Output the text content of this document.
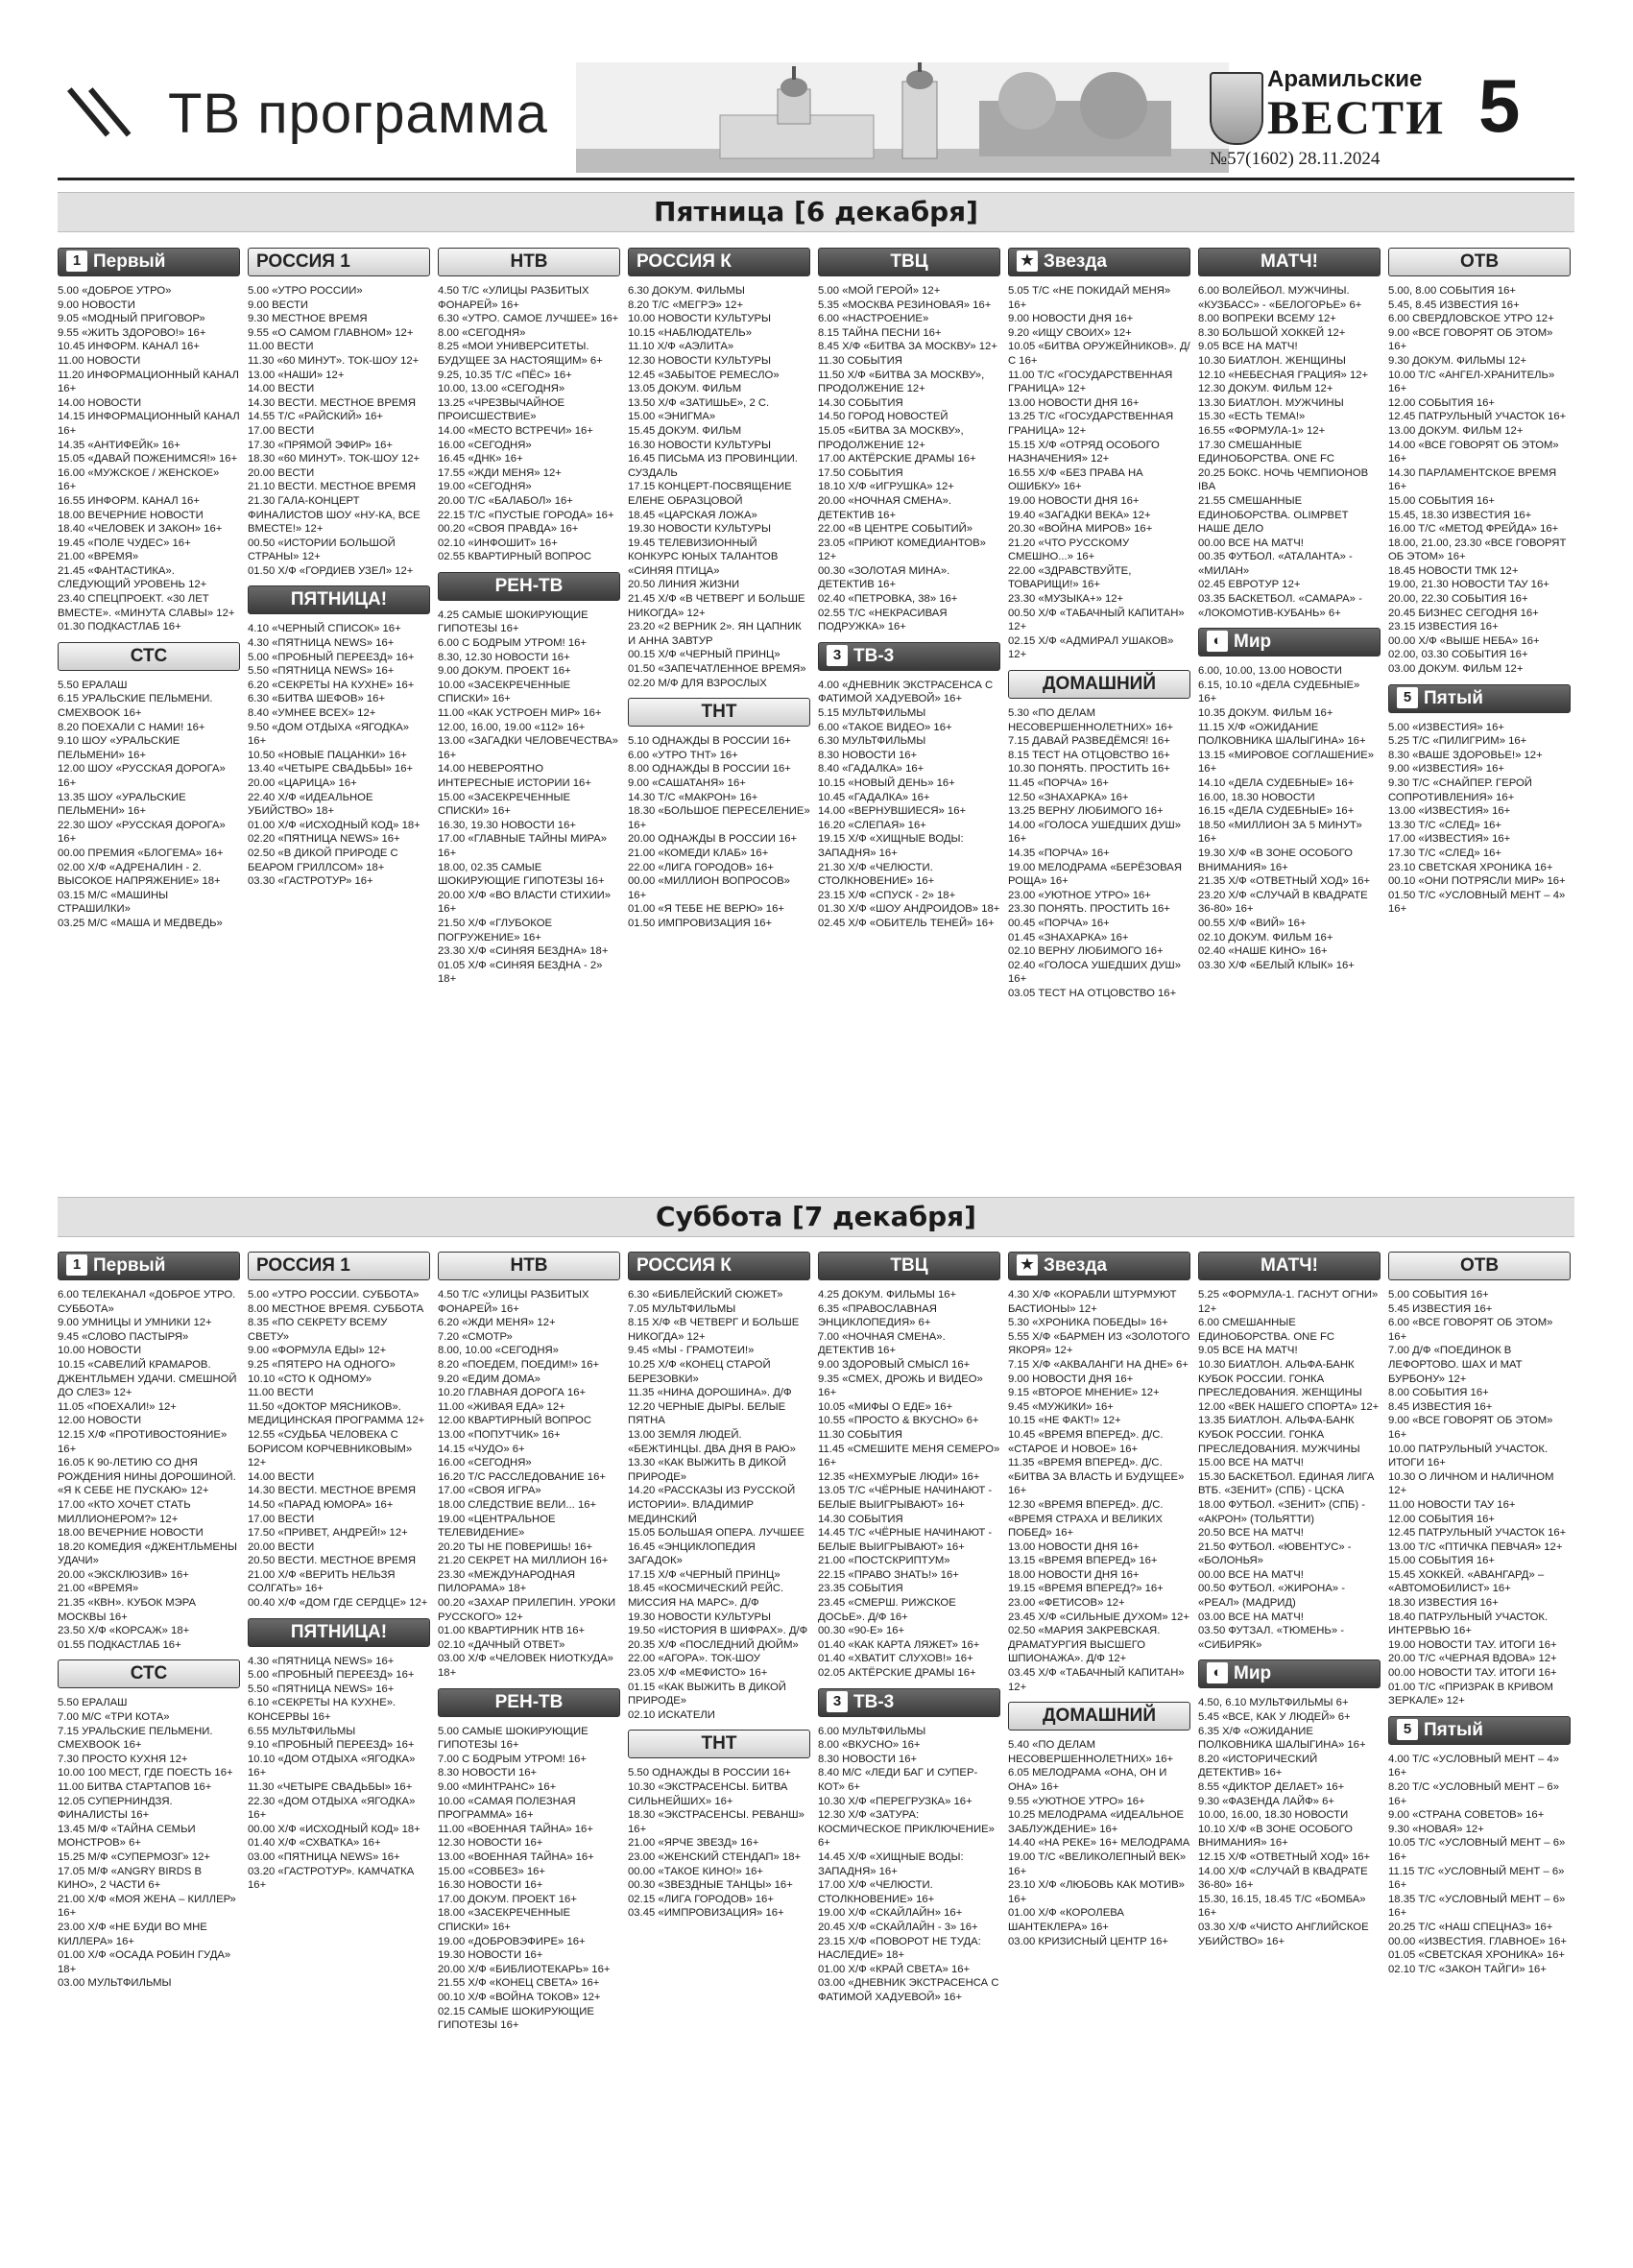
ТВ программа
Арамильские
ВЕСТИ
№57(1602) 28.11.2024
5
Пятница [6 декабря]
1 Первый
5.00 «ДОБРОЕ УТРО»
9.00 НОВОСТИ
9.05 «МОДНЫЙ ПРИГОВОР»
9.55 «ЖИТЬ ЗДОРОВО!» 16+
10.45 ИНФОРМ. КАНАЛ 16+
11.00 НОВОСТИ
11.20 ИНФОРМАЦИОННЫЙ КАНАЛ 16+
14.00 НОВОСТИ
14.15 ИНФОРМАЦИОННЫЙ КАНАЛ 16+
14.35 «АНТИФЕЙК» 16+
15.05 «ДАВАЙ ПОЖЕНИМСЯ!» 16+
16.00 «МУЖСКОЕ / ЖЕНСКОЕ» 16+
16.55 ИНФОРМ. КАНАЛ 16+
18.00 ВЕЧЕРНИЕ НОВОСТИ
18.40 «ЧЕЛОВЕК И ЗАКОН» 16+
19.45 «ПОЛЕ ЧУДЕС» 16+
21.00 «ВРЕМЯ»
21.45 «ФАНТАСТИКА». СЛЕДУЮЩИЙ УРОВЕНЬ 12+
23.40 СПЕЦПРОЕКТ. «30 ЛЕТ ВМЕСТЕ». «МИНУТА СЛАВЫ» 12+
01.30 ПОДКАСТЛАБ 16+
СТС
5.50 ЕРАЛАШ
6.15 УРАЛЬСКИЕ ПЕЛЬМЕНИ. СМЕХBOOK 16+
8.20 ПОЕХАЛИ С НАМИ! 16+
9.10 ШОУ «УРАЛЬСКИЕ ПЕЛЬМЕНИ» 16+
12.00 ШОУ «РУССКАЯ ДОРОГА» 16+
13.35 ШОУ «УРАЛЬСКИЕ ПЕЛЬМЕНИ» 16+
22.30 ШОУ «РУССКАЯ ДОРОГА» 16+
00.00 ПРЕМИЯ «БЛОГЕМА» 16+
02.00 Х/Ф «АДРЕНАЛИН - 2. ВЫСОКОЕ НАПРЯЖЕНИЕ» 18+
03.15 М/С «МАШИНЫ СТРАШИЛКИ»
03.25 М/С «МАША И МЕДВЕДЬ»
РОССИЯ 1
5.00 «УТРО РОССИИ»
9.00 ВЕСТИ
9.30 МЕСТНОЕ ВРЕМЯ
9.55 «О САМОМ ГЛАВНОМ» 12+
11.00 ВЕСТИ
11.30 «60 МИНУТ». ТОК-ШОУ 12+
13.00 «НАШИ» 12+
14.00 ВЕСТИ
14.30 ВЕСТИ. МЕСТНОЕ ВРЕМЯ
14.55 Т/С «РАЙСКИЙ» 16+
17.00 ВЕСТИ
17.30 «ПРЯМОЙ ЭФИР» 16+
18.30 «60 МИНУТ». ТОК-ШОУ 12+
20.00 ВЕСТИ
21.10 ВЕСТИ. МЕСТНОЕ ВРЕМЯ
21.30 ГАЛА-КОНЦЕРТ ФИНАЛИСТОВ ШОУ «НУ-КА, ВСЕ ВМЕСТЕ!» 12+
00.50 «ИСТОРИИ БОЛЬШОЙ СТРАНЫ» 12+
01.50 Х/Ф «ГОРДИЕВ УЗЕЛ» 12+
ПЯТНИЦА!
4.10 «ЧЕРНЫЙ СПИСОК» 16+
4.30 «ПЯТНИЦА NEWS» 16+
5.00 «ПРОБНЫЙ ПЕРЕЕЗД» 16+
5.50 «ПЯТНИЦА NEWS» 16+
6.20 «СЕКРЕТЫ НА КУХНЕ» 16+
6.30 «БИТВА ШЕФОВ» 16+
8.40 «УМНЕЕ ВСЕХ» 12+
9.50 «ДОМ ОТДЫХА «ЯГОДКА» 16+
10.50 «НОВЫЕ ПАЦАНКИ» 16+
13.40 «ЧЕТЫРЕ СВАДЬБЫ» 16+
20.00 «ЦАРИЦА» 16+
22.40 Х/Ф «ИДЕАЛЬНОЕ УБИЙСТВО» 18+
01.00 Х/Ф «ИСХОДНЫЙ КОД» 18+
02.20 «ПЯТНИЦА NEWS» 16+
02.50 «В ДИКОЙ ПРИРОДЕ С БЕАРОМ ГРИЛЛСОМ» 18+
03.30 «ГАСТРОТУР» 16+
НТВ
4.50 Т/С «УЛИЦЫ РАЗБИТЫХ ФОНАРЕЙ» 16+
6.30 «УТРО. САМОЕ ЛУЧШЕЕ» 16+
8.00 «СЕГОДНЯ»
8.25 «МОИ УНИВЕРСИТЕТЫ. БУДУЩЕЕ ЗА НАСТОЯЩИМ» 6+
9.25, 10.35 Т/С «ПЁС» 16+
10.00, 13.00 «СЕГОДНЯ»
13.25 «ЧРЕЗВЫЧАЙНОЕ ПРОИСШЕСТВИЕ»
14.00 «МЕСТО ВСТРЕЧИ» 16+
16.00 «СЕГОДНЯ»
16.45 «ДНК» 16+
17.55 «ЖДИ МЕНЯ» 12+
19.00 «СЕГОДНЯ»
20.00 Т/С «БАЛАБОЛ» 16+
22.15 Т/С «ПУСТЫЕ ГОРОДА» 16+
00.20 «СВОЯ ПРАВДА» 16+
02.10 «ИНФОШИТ» 16+
02.55 КВАРТИРНЫЙ ВОПРОС
РЕН-ТВ
4.25 САМЫЕ ШОКИРУЮЩИЕ ГИПОТЕЗЫ 16+
6.00 С БОДРЫМ УТРОМ! 16+
8.30, 12.30 НОВОСТИ 16+
9.00 ДОКУМ. ПРОЕКТ 16+
10.00 «ЗАСЕКРЕЧЕННЫЕ СПИСКИ» 16+
11.00 «КАК УСТРОЕН МИР» 16+
12.00, 16.00, 19.00 «112» 16+
13.00 «ЗАГАДКИ ЧЕЛОВЕЧЕСТВА» 16+
14.00 НЕВЕРОЯТНО ИНТЕРЕСНЫЕ ИСТОРИИ 16+
15.00 «ЗАСЕКРЕЧЕННЫЕ СПИСКИ» 16+
16.30, 19.30 НОВОСТИ 16+
17.00 «ГЛАВНЫЕ ТАЙНЫ МИРА» 16+
18.00, 02.35 САМЫЕ ШОКИРУЮЩИЕ ГИПОТЕЗЫ 16+
20.00 Х/Ф «ВО ВЛАСТИ СТИХИИ» 16+
21.50 Х/Ф «ГЛУБОКОЕ ПОГРУЖЕНИЕ» 16+
23.30 Х/Ф «СИНЯЯ БЕЗДНА» 18+
01.05 Х/Ф «СИНЯЯ БЕЗДНА - 2» 18+
РОССИЯ К
6.30 ДОКУМ. ФИЛЬМЫ
8.20 Т/С «МЕГРЭ» 12+
10.00 НОВОСТИ КУЛЬТУРЫ
10.15 «НАБЛЮДАТЕЛЬ»
11.10 Х/Ф «АЭЛИТА»
12.30 НОВОСТИ КУЛЬТУРЫ
12.45 «ЗАБЫТОЕ РЕМЕСЛО»
13.05 ДОКУМ. ФИЛЬМ
13.50 Х/Ф «ЗАТИШЬЕ», 2 С.
15.00 «ЭНИГМА»
15.45 ДОКУМ. ФИЛЬМ
16.30 НОВОСТИ КУЛЬТУРЫ
16.45 ПИСЬМА ИЗ ПРОВИНЦИИ. СУЗДАЛЬ
17.15 КОНЦЕРТ-ПОСВЯЩЕНИЕ ЕЛЕНЕ ОБРАЗЦОВОЙ
18.45 «ЦАРСКАЯ ЛОЖА»
19.30 НОВОСТИ КУЛЬТУРЫ
19.45 ТЕЛЕВИЗИОННЫЙ КОНКУРС ЮНЫХ ТАЛАНТОВ «СИНЯЯ ПТИЦА»
20.50 ЛИНИЯ ЖИЗНИ
21.45 Х/Ф «В ЧЕТВЕРГ И БОЛЬШЕ НИКОГДА» 12+
23.20 «2 ВЕРНИК 2». ЯН ЦАПНИК И АННА ЗАВТУР
00.15 Х/Ф «ЧЕРНЫЙ ПРИНЦ»
01.50 «ЗАПЕЧАТЛЕННОЕ ВРЕМЯ»
02.20 М/Ф ДЛЯ ВЗРОСЛЫХ
ТНТ
5.10 ОДНАЖДЫ В РОССИИ 16+
6.00 «УТРО ТНТ» 16+
8.00 ОДНАЖДЫ В РОССИИ 16+
9.00 «САШАТАНЯ» 16+
14.30 Т/С «МАКРОН» 16+
18.30 «БОЛЬШОЕ ПЕРЕСЕЛЕНИЕ» 16+
20.00 ОДНАЖДЫ В РОССИИ 16+
21.00 «КОМЕДИ КЛАБ» 16+
22.00 «ЛИГА ГОРОДОВ» 16+
00.00 «МИЛЛИОН ВОПРОСОВ» 16+
01.00 «Я ТЕБЕ НЕ ВЕРЮ» 16+
01.50 ИМПРОВИЗАЦИЯ 16+
ТВЦ
5.00 «МОЙ ГЕРОЙ» 12+
5.35 «МОСКВА РЕЗИНОВАЯ» 16+
6.00 «НАСТРОЕНИЕ»
8.15 ТАЙНА ПЕСНИ 16+
8.45 Х/Ф «БИТВА ЗА МОСКВУ» 12+
11.30 СОБЫТИЯ
11.50 Х/Ф «БИТВА ЗА МОСКВУ», ПРОДОЛЖЕНИЕ 12+
14.30 СОБЫТИЯ
14.50 ГОРОД НОВОСТЕЙ
15.05 «БИТВА ЗА МОСКВУ», ПРОДОЛЖЕНИЕ 12+
17.00 АКТЁРСКИЕ ДРАМЫ 16+
17.50 СОБЫТИЯ
18.10 Х/Ф «ИГРУШКА» 12+
20.00 «НОЧНАЯ СМЕНА». ДЕТЕКТИВ 16+
22.00 «В ЦЕНТРЕ СОБЫТИЙ»
23.05 «ПРИЮТ КОМЕДИАНТОВ» 12+
00.30 «ЗОЛОТАЯ МИНА». ДЕТЕКТИВ 16+
02.40 «ПЕТРОВКА, 38» 16+
02.55 Т/С «НЕКРАСИВАЯ ПОДРУЖКА» 16+
3 ТВ-3
4.00 «ДНЕВНИК ЭКСТРАСЕНСА С ФАТИМОЙ ХАДУЕВОЙ» 16+
5.15 МУЛЬТФИЛЬМЫ
6.00 «ТАКОЕ ВИДЕО» 16+
6.30 МУЛЬТФИЛЬМЫ
8.30 НОВОСТИ 16+
8.40 «ГАДАЛКА» 16+
10.15 «НОВЫЙ ДЕНЬ» 16+
10.45 «ГАДАЛКА» 16+
14.00 «ВЕРНУВШИЕСЯ» 16+
16.20 «СЛЕПАЯ» 16+
19.15 Х/Ф «ХИЩНЫЕ ВОДЫ: ЗАПАДНЯ» 16+
21.30 Х/Ф «ЧЕЛЮСТИ. СТОЛКНОВЕНИЕ» 16+
23.15 Х/Ф «СПУСК - 2» 18+
01.30 Х/Ф «ШОУ АНДРОИДОВ» 18+
02.45 Х/Ф «ОБИТЕЛЬ ТЕНЕЙ» 16+
★ Звезда
5.05 Т/С «НЕ ПОКИДАЙ МЕНЯ» 16+
9.00 НОВОСТИ ДНЯ 16+
9.20 «ИЩУ СВОИХ» 12+
10.05 «БИТВА ОРУЖЕЙНИКОВ». Д/С 16+
11.00 Т/С «ГОСУДАРСТВЕННАЯ ГРАНИЦА» 12+
13.00 НОВОСТИ ДНЯ 16+
13.25 Т/С «ГОСУДАРСТВЕННАЯ ГРАНИЦА» 12+
15.15 Х/Ф «ОТРЯД ОСОБОГО НАЗНАЧЕНИЯ» 12+
16.55 Х/Ф «БЕЗ ПРАВА НА ОШИБКУ» 16+
19.00 НОВОСТИ ДНЯ 16+
19.40 «ЗАГАДКИ ВЕКА» 12+
20.30 «ВОЙНА МИРОВ» 16+
21.20 «ЧТО РУССКОМУ СМЕШНО...» 16+
22.00 «ЗДРАВСТВУЙТЕ, ТОВАРИЩИ!» 16+
23.30 «МУЗЫКА+» 12+
00.50 Х/Ф «ТАБАЧНЫЙ КАПИТАН» 12+
02.15 Х/Ф «АДМИРАЛ УШАКОВ» 12+
ДОМАШНИЙ
5.30 «ПО ДЕЛАМ НЕСОВЕРШЕННОЛЕТНИХ» 16+
7.15 ДАВАЙ РАЗВЕДЁМСЯ! 16+
8.15 ТЕСТ НА ОТЦОВСТВО 16+
10.30 ПОНЯТЬ. ПРОСТИТЬ 16+
11.45 «ПОРЧА» 16+
12.50 «ЗНАХАРКА» 16+
13.25 ВЕРНУ ЛЮБИМОГО 16+
14.00 «ГОЛОСА УШЕДШИХ ДУШ» 16+
14.35 «ПОРЧА» 16+
19.00 МЕЛОДРАМА «БЕРЁЗОВАЯ РОЩА» 16+
23.00 «УЮТНОЕ УТРО» 16+
23.30 ПОНЯТЬ. ПРОСТИТЬ 16+
00.45 «ПОРЧА» 16+
01.45 «ЗНАХАРКА» 16+
02.10 ВЕРНУ ЛЮБИМОГО 16+
02.40 «ГОЛОСА УШЕДШИХ ДУШ» 16+
03.05 ТЕСТ НА ОТЦОВСТВО 16+
МАТЧ!
6.00 ВОЛЕЙБОЛ. МУЖЧИНЫ. «КУЗБАСС» - «БЕЛОГОРЬЕ» 6+
8.00 ВОПРЕКИ ВСЕМУ 12+
8.30 БОЛЬШОЙ ХОККЕЙ 12+
9.05 ВСЕ НА МАТЧ!
10.30 БИАТЛОН. ЖЕНЩИНЫ
12.10 «НЕБЕСНАЯ ГРАЦИЯ» 12+
12.30 ДОКУМ. ФИЛЬМ 12+
13.30 БИАТЛОН. МУЖЧИНЫ
15.30 «ЕСТЬ ТЕМА!»
16.55 «ФОРМУЛА-1» 12+
17.30 СМЕШАННЫЕ ЕДИНОБОРСТВА. ONE FC
20.25 БОКС. НОЧЬ ЧЕМПИОНОВ IBA
21.55 СМЕШАННЫЕ ЕДИНОБОРСТВА. OLIMPBET НАШЕ ДЕЛО
00.00 ВСЕ НА МАТЧ!
00.35 ФУТБОЛ. «АТАЛАНТА» - «МИЛАН»
02.45 ЕВРОТУР 12+
03.35 БАСКЕТБОЛ. «САМАРА» - «ЛОКОМОТИВ-КУБАНЬ» 6+
◐ Мир
6.00, 10.00, 13.00 НОВОСТИ
6.15, 10.10 «ДЕЛА СУДЕБНЫЕ» 16+
10.35 ДОКУМ. ФИЛЬМ 16+
11.15 Х/Ф «ОЖИДАНИЕ ПОЛКОВНИКА ШАЛЫГИНА» 16+
13.15 «МИРОВОЕ СОГЛАШЕНИЕ» 16+
14.10 «ДЕЛА СУДЕБНЫЕ» 16+
16.00, 18.30 НОВОСТИ
16.15 «ДЕЛА СУДЕБНЫЕ» 16+
18.50 «МИЛЛИОН ЗА 5 МИНУТ» 16+
19.30 Х/Ф «В ЗОНЕ ОСОБОГО ВНИМАНИЯ» 16+
21.35 Х/Ф «ОТВЕТНЫЙ ХОД» 16+
23.20 Х/Ф «СЛУЧАЙ В КВАДРАТЕ 36-80» 16+
00.55 Х/Ф «ВИЙ» 16+
02.10 ДОКУМ. ФИЛЬМ 16+
02.40 «НАШЕ КИНО» 16+
03.30 Х/Ф «БЕЛЫЙ КЛЫК» 16+
ОТВ
5.00, 8.00 СОБЫТИЯ 16+
5.45, 8.45 ИЗВЕСТИЯ 16+
6.00 СВЕРДЛОВСКОЕ УТРО 12+
9.00 «ВСЕ ГОВОРЯТ ОБ ЭТОМ» 16+
9.30 ДОКУМ. ФИЛЬМЫ 12+
10.00 Т/С «АНГЕЛ-ХРАНИТЕЛЬ» 16+
12.00 СОБЫТИЯ 16+
12.45 ПАТРУЛЬНЫЙ УЧАСТОК 16+
13.00 ДОКУМ. ФИЛЬМ 12+
14.00 «ВСЕ ГОВОРЯТ ОБ ЭТОМ» 16+
14.30 ПАРЛАМЕНТСКОЕ ВРЕМЯ 16+
15.00 СОБЫТИЯ 16+
15.45, 18.30 ИЗВЕСТИЯ 16+
16.00 Т/С «МЕТОД ФРЕЙДА» 16+
18.00, 21.00, 23.30 «ВСЕ ГОВОРЯТ ОБ ЭТОМ» 16+
18.45 НОВОСТИ ТМК 12+
19.00, 21.30 НОВОСТИ ТАУ 16+
20.00, 22.30 СОБЫТИЯ 16+
20.45 БИЗНЕС СЕГОДНЯ 16+
23.15 ИЗВЕСТИЯ 16+
00.00 Х/Ф «ВЫШЕ НЕБА» 16+
02.00, 03.30 СОБЫТИЯ 16+
03.00 ДОКУМ. ФИЛЬМ 12+
5 Пятый
5.00 «ИЗВЕСТИЯ» 16+
5.25 Т/С «ПИЛИГРИМ» 16+
8.30 «ВАШЕ ЗДОРОВЬЕ!» 12+
9.00 «ИЗВЕСТИЯ» 16+
9.30 Т/С «СНАЙПЕР. ГЕРОЙ СОПРОТИВЛЕНИЯ» 16+
13.00 «ИЗВЕСТИЯ» 16+
13.30 Т/С «СЛЕД» 16+
17.00 «ИЗВЕСТИЯ» 16+
17.30 Т/С «СЛЕД» 16+
23.10 СВЕТСКАЯ ХРОНИКА 16+
00.10 «ОНИ ПОТРЯСЛИ МИР» 16+
01.50 Т/С «УСЛОВНЫЙ МЕНТ – 4» 16+
Суббота [7 декабря]
1 Первый
6.00 ТЕЛЕКАНАЛ «ДОБРОЕ УТРО. СУББОТА»
9.00 УМНИЦЫ И УМНИКИ 12+
9.45 «СЛОВО ПАСТЫРЯ»
10.00 НОВОСТИ
10.15 «САВЕЛИЙ КРАМАРОВ. ДЖЕНТЛЬМЕН УДАЧИ. СМЕШНОЙ ДО СЛЕЗ» 12+
11.05 «ПОЕХАЛИ!» 12+
12.00 НОВОСТИ
12.15 Х/Ф «ПРОТИВОСТОЯНИЕ» 16+
16.05 К 90-ЛЕТИЮ СО ДНЯ РОЖДЕНИЯ НИНЫ ДОРОШИНОЙ. «Я К СЕБЕ НЕ ПУСКАЮ» 12+
17.00 «КТО ХОЧЕТ СТАТЬ МИЛЛИОНЕРОМ?» 12+
18.00 ВЕЧЕРНИЕ НОВОСТИ
18.20 КОМЕДИЯ «ДЖЕНТЛЬМЕНЫ УДАЧИ»
20.00 «ЭКСКЛЮЗИВ» 16+
21.00 «ВРЕМЯ»
21.35 «КВН». КУБОК МЭРА МОСКВЫ 16+
23.50 Х/Ф «КОРСАЖ» 18+
01.55 ПОДКАСТЛАБ 16+
СТС
5.50 ЕРАЛАШ
7.00 М/С «ТРИ КОТА»
7.15 УРАЛЬСКИЕ ПЕЛЬМЕНИ. СМЕХBOOK 16+
7.30 ПРОСТО КУХНЯ 12+
10.00 100 МЕСТ, ГДЕ ПОЕСТЬ 16+
11.00 БИТВА СТАРТАПОВ 16+
12.05 СУПЕРНИНДЗЯ. ФИНАЛИСТЫ 16+
13.45 М/Ф «ТАЙНА СЕМЬИ МОНСТРОВ» 6+
15.25 М/Ф «СУПЕРМОЗГ» 12+
17.05 М/Ф «ANGRY BIRDS В КИНО», 2 ЧАСТИ 6+
21.00 Х/Ф «МОЯ ЖЕНА – КИЛЛЕР» 16+
23.00 Х/Ф «НЕ БУДИ ВО МНЕ КИЛЛЕРА» 16+
01.00 Х/Ф «ОСАДА РОБИН ГУДА» 18+
03.00 МУЛЬТФИЛЬМЫ
РОССИЯ 1
5.00 «УТРО РОССИИ. СУББОТА»
8.00 МЕСТНОЕ ВРЕМЯ. СУББОТА
8.35 «ПО СЕКРЕТУ ВСЕМУ СВЕТУ»
9.00 «ФОРМУЛА ЕДЫ» 12+
9.25 «ПЯТЕРО НА ОДНОГО»
10.10 «СТО К ОДНОМУ»
11.00 ВЕСТИ
11.50 «ДОКТОР МЯСНИКОВ». МЕДИЦИНСКАЯ ПРОГРАММА 12+
12.55 «СУДЬБА ЧЕЛОВЕКА С БОРИСОМ КОРЧЕВНИКОВЫМ» 12+
14.00 ВЕСТИ
14.30 ВЕСТИ. МЕСТНОЕ ВРЕМЯ
14.50 «ПАРАД ЮМОРА» 16+
17.00 ВЕСТИ
17.50 «ПРИВЕТ, АНДРЕЙ!» 12+
20.00 ВЕСТИ
20.50 ВЕСТИ. МЕСТНОЕ ВРЕМЯ
21.00 Х/Ф «ВЕРИТЬ НЕЛЬЗЯ СОЛГАТЬ» 16+
00.40 Х/Ф «ДОМ ГДЕ СЕРДЦЕ» 12+
ПЯТНИЦА!
4.30 «ПЯТНИЦА NEWS» 16+
5.00 «ПРОБНЫЙ ПЕРЕЕЗД» 16+
5.50 «ПЯТНИЦА NEWS» 16+
6.10 «СЕКРЕТЫ НА КУХНЕ». КОНСЕРВЫ 16+
6.55 МУЛЬТФИЛЬМЫ
9.10 «ПРОБНЫЙ ПЕРЕЕЗД» 16+
10.10 «ДОМ ОТДЫХА «ЯГОДКА» 16+
11.30 «ЧЕТЫРЕ СВАДЬБЫ» 16+
22.30 «ДОМ ОТДЫХА «ЯГОДКА» 16+
00.00 Х/Ф «ИСХОДНЫЙ КОД» 18+
01.40 Х/Ф «СХВАТКА» 16+
03.00 «ПЯТНИЦА NEWS» 16+
03.20 «ГАСТРОТУР». КАМЧАТКА 16+
НТВ
4.50 Т/С «УЛИЦЫ РАЗБИТЫХ ФОНАРЕЙ» 16+
6.20 «ЖДИ МЕНЯ» 12+
7.20 «СМОТР»
8.00, 10.00 «СЕГОДНЯ»
8.20 «ПОЕДЕМ, ПОЕДИМ!» 16+
9.20 «ЕДИМ ДОМА»
10.20 ГЛАВНАЯ ДОРОГА 16+
11.00 «ЖИВАЯ ЕДА» 12+
12.00 КВАРТИРНЫЙ ВОПРОС
13.00 «ПОПУТЧИК» 16+
14.15 «ЧУДО» 6+
16.00 «СЕГОДНЯ»
16.20 Т/С РАССЛЕДОВАНИЕ 16+
17.00 «СВОЯ ИГРА»
18.00 СЛЕДСТВИЕ ВЕЛИ... 16+
19.00 «ЦЕНТРАЛЬНОЕ ТЕЛЕВИДЕНИЕ»
20.20 ТЫ НЕ ПОВЕРИШЬ! 16+
21.20 СЕКРЕТ НА МИЛЛИОН 16+
23.30 «МЕЖДУНАРОДНАЯ ПИЛОРАМА» 18+
00.20 «ЗАХАР ПРИЛЕПИН. УРОКИ РУССКОГО» 12+
01.00 КВАРТИРНИК НТВ 16+
02.10 «ДАЧНЫЙ ОТВЕТ»
03.00 Х/Ф «ЧЕЛОВЕК НИОТКУДА» 18+
РЕН-ТВ
5.00 САМЫЕ ШОКИРУЮЩИЕ ГИПОТЕЗЫ 16+
7.00 С БОДРЫМ УТРОМ! 16+
8.30 НОВОСТИ 16+
9.00 «МИНТРАНС» 16+
10.00 «САМАЯ ПОЛЕЗНАЯ ПРОГРАММА» 16+
11.00 «ВОЕННАЯ ТАЙНА» 16+
12.30 НОВОСТИ 16+
13.00 «ВОЕННАЯ ТАЙНА» 16+
15.00 «СОВБЕЗ» 16+
16.30 НОВОСТИ 16+
17.00 ДОКУМ. ПРОЕКТ 16+
18.00 «ЗАСЕКРЕЧЕННЫЕ СПИСКИ» 16+
19.00 «ДОБРОВЭФИРЕ» 16+
19.30 НОВОСТИ 16+
20.00 Х/Ф «БИБЛИОТЕКАРЬ» 16+
21.55 Х/Ф «КОНЕЦ СВЕТА» 16+
00.10 Х/Ф «ВОЙНА ТОКОВ» 12+
02.15 САМЫЕ ШОКИРУЮЩИЕ ГИПОТЕЗЫ 16+
РОССИЯ К
6.30 «БИБЛЕЙСКИЙ СЮЖЕТ»
7.05 МУЛЬТФИЛЬМЫ
8.15 Х/Ф «В ЧЕТВЕРГ И БОЛЬШЕ НИКОГДА» 12+
9.45 «МЫ - ГРАМОТЕИ!»
10.25 Х/Ф «КОНЕЦ СТАРОЙ БЕРЕЗОВКИ»
11.35 «НИНА ДОРОШИНА». Д/Ф
12.20 ЧЕРНЫЕ ДЫРЫ. БЕЛЫЕ ПЯТНА
13.00 ЗЕМЛЯ ЛЮДЕЙ. «БЕЖТИНЦЫ. ДВА ДНЯ В РАЮ»
13.30 «КАК ВЫЖИТЬ В ДИКОЙ ПРИРОДЕ»
14.20 «РАССКАЗЫ ИЗ РУССКОЙ ИСТОРИИ». ВЛАДИМИР МЕДИНСКИЙ
15.05 БОЛЬШАЯ ОПЕРА. ЛУЧШЕЕ
16.45 «ЭНЦИКЛОПЕДИЯ ЗАГАДОК»
17.15 Х/Ф «ЧЕРНЫЙ ПРИНЦ»
18.45 «КОСМИЧЕСКИЙ РЕЙС. МИССИЯ НА МАРС». Д/Ф
19.30 НОВОСТИ КУЛЬТУРЫ
19.50 «ИСТОРИЯ В ШИФРАХ». Д/Ф
20.35 Х/Ф «ПОСЛЕДНИЙ ДЮЙМ»
22.00 «АГОРА». ТОК-ШОУ
23.05 Х/Ф «МЕФИСТО» 16+
01.15 «КАК ВЫЖИТЬ В ДИКОЙ ПРИРОДЕ»
02.10 ИСКАТЕЛИ
ТНТ
5.50 ОДНАЖДЫ В РОССИИ 16+
10.30 «ЭКСТРАСЕНСЫ. БИТВА СИЛЬНЕЙШИХ» 16+
18.30 «ЭКСТРАСЕНСЫ. РЕВАНШ» 16+
21.00 «ЯРЧЕ ЗВЕЗД» 16+
23.00 «ЖЕНСКИЙ СТЕНДАП» 18+
00.00 «ТАКОЕ КИНО!» 16+
00.30 «ЗВЕЗДНЫЕ ТАНЦЫ» 16+
02.15 «ЛИГА ГОРОДОВ» 16+
03.45 «ИМПРОВИЗАЦИЯ» 16+
ТВЦ
4.25 ДОКУМ. ФИЛЬМЫ 16+
6.35 «ПРАВОСЛАВНАЯ ЭНЦИКЛОПЕДИЯ» 6+
7.00 «НОЧНАЯ СМЕНА». ДЕТЕКТИВ 16+
9.00 ЗДОРОВЫЙ СМЫСЛ 16+
9.35 «СМЕХ, ДРОЖЬ И ВИДЕО» 16+
10.05 «МИФЫ О ЕДЕ» 16+
10.55 «ПРОСТО & ВКУСНО» 6+
11.30 СОБЫТИЯ
11.45 «СМЕШИТЕ МЕНЯ СЕМЕРО» 16+
12.35 «НЕХМУРЫЕ ЛЮДИ» 16+
13.05 Т/С «ЧЁРНЫЕ НАЧИНАЮТ - БЕЛЫЕ ВЫИГРЫВАЮТ» 16+
14.30 СОБЫТИЯ
14.45 Т/С «ЧЁРНЫЕ НАЧИНАЮТ - БЕЛЫЕ ВЫИГРЫВАЮТ» 16+
21.00 «ПОСТСКРИПТУМ»
22.15 «ПРАВО ЗНАТЬ!» 16+
23.35 СОБЫТИЯ
23.45 «СМЕРШ. РИЖСКОЕ ДОСЬЕ». Д/Ф 16+
00.30 «90-Е» 16+
01.40 «КАК КАРТА ЛЯЖЕТ» 16+
01.40 «ХВАТИТ СЛУХОВ!» 16+
02.05 АКТЁРСКИЕ ДРАМЫ 16+
3 ТВ-3
6.00 МУЛЬТФИЛЬМЫ
8.00 «ВКУСНО» 16+
8.30 НОВОСТИ 16+
8.40 М/С «ЛЕДИ БАГ И СУПЕР-КОТ» 6+
10.30 Х/Ф «ПЕРЕГРУЗКА» 16+
12.30 Х/Ф «ЗАТУРА: КОСМИЧЕСКОЕ ПРИКЛЮЧЕНИЕ» 6+
14.45 Х/Ф «ХИЩНЫЕ ВОДЫ: ЗАПАДНЯ» 16+
17.00 Х/Ф «ЧЕЛЮСТИ. СТОЛКНОВЕНИЕ» 16+
19.00 Х/Ф «СКАЙЛАЙН» 16+
20.45 Х/Ф «СКАЙЛАЙН - 3» 16+
23.15 Х/Ф «ПОВОРОТ НЕ ТУДА: НАСЛЕДИЕ» 18+
01.00 Х/Ф «КРАЙ СВЕТА» 16+
03.00 «ДНЕВНИК ЭКСТРАСЕНСА С ФАТИМОЙ ХАДУЕВОЙ» 16+
★ Звезда
4.30 Х/Ф «КОРАБЛИ ШТУРМУЮТ БАСТИОНЫ» 12+
5.30 «ХРОНИКА ПОБЕДЫ» 16+
5.55 Х/Ф «БАРМЕН ИЗ «ЗОЛОТОГО ЯКОРЯ» 12+
7.15 Х/Ф «АКВАЛАНГИ НА ДНЕ» 6+
9.00 НОВОСТИ ДНЯ 16+
9.15 «ВТОРОЕ МНЕНИЕ» 12+
9.45 «МУЖИКИ» 16+
10.15 «НЕ ФАКТ!» 12+
10.45 «ВРЕМЯ ВПЕРЕД». Д/С. «СТАРОЕ И НОВОЕ» 16+
11.35 «ВРЕМЯ ВПЕРЕД». Д/С. «БИТВА ЗА ВЛАСТЬ И БУДУЩЕЕ» 16+
12.30 «ВРЕМЯ ВПЕРЕД». Д/С. «ВРЕМЯ СТРАХА И ВЕЛИКИХ ПОБЕД» 16+
13.00 НОВОСТИ ДНЯ 16+
13.15 «ВРЕМЯ ВПЕРЕД» 16+
18.00 НОВОСТИ ДНЯ 16+
19.15 «ВРЕМЯ ВПЕРЕД?» 16+
23.00 «ФЕТИСОВ» 12+
23.45 Х/Ф «СИЛЬНЫЕ ДУХОМ» 12+
02.50 «МАРИЯ ЗАКРЕВСКАЯ. ДРАМАТУРГИЯ ВЫСШЕГО ШПИОНАЖА». Д/Ф 12+
03.45 Х/Ф «ТАБАЧНЫЙ КАПИТАН» 12+
ДОМАШНИЙ
5.40 «ПО ДЕЛАМ НЕСОВЕРШЕННОЛЕТНИХ» 16+
6.05 МЕЛОДРАМА «ОНА, ОН И ОНА» 16+
9.55 «УЮТНОЕ УТРО» 16+
10.25 МЕЛОДРАМА «ИДЕАЛЬНОЕ ЗАБЛУЖДЕНИЕ» 16+
14.40 «НА РЕКЕ» 16+ МЕЛОДРАМА
19.00 Т/С «ВЕЛИКОЛЕПНЫЙ ВЕК» 16+
23.10 Х/Ф «ЛЮБОВЬ КАК МОТИВ» 16+
01.00 Х/Ф «КОРОЛЕВА ШАНТЕКЛЕРА» 16+
03.00 КРИЗИСНЫЙ ЦЕНТР 16+
МАТЧ!
5.25 «ФОРМУЛА-1. ГАСНУТ ОГНИ» 12+
6.00 СМЕШАННЫЕ ЕДИНОБОРСТВА. ONE FC
9.05 ВСЕ НА МАТЧ!
10.30 БИАТЛОН. АЛЬФА-БАНК КУБОК РОССИИ. ГОНКА ПРЕСЛЕДОВАНИЯ. ЖЕНЩИНЫ
12.00 «ВЕК НАШЕГО СПОРТА» 12+
13.35 БИАТЛОН. АЛЬФА-БАНК КУБОК РОССИИ. ГОНКА ПРЕСЛЕДОВАНИЯ. МУЖЧИНЫ
15.00 ВСЕ НА МАТЧ!
15.30 БАСКЕТБОЛ. ЕДИНАЯ ЛИГА ВТБ. «ЗЕНИТ» (СПБ) - ЦСКА
18.00 ФУТБОЛ. «ЗЕНИТ» (СПБ) - «АКРОН» (ТОЛЬЯТТИ)
20.50 ВСЕ НА МАТЧ!
21.50 ФУТБОЛ. «ЮВЕНТУС» - «БОЛОНЬЯ»
00.00 ВСЕ НА МАТЧ!
00.50 ФУТБОЛ. «ЖИРОНА» - «РЕАЛ» (МАДРИД)
03.00 ВСЕ НА МАТЧ!
03.50 ФУТЗАЛ. «ТЮМЕНЬ» - «СИБИРЯК»
◐ Мир
4.50, 6.10 МУЛЬТФИЛЬМЫ 6+
5.45 «ВСЕ, КАК У ЛЮДЕЙ» 6+
6.35 Х/Ф «ОЖИДАНИЕ ПОЛКОВНИКА ШАЛЫГИНА» 16+
8.20 «ИСТОРИЧЕСКИЙ ДЕТЕКТИВ» 16+
8.55 «ДИКТОР ДЕЛАЕТ» 16+
9.30 «ФАЗЕНДА ЛАЙФ» 6+
10.00, 16.00, 18.30 НОВОСТИ
10.10 Х/Ф «В ЗОНЕ ОСОБОГО ВНИМАНИЯ» 16+
12.15 Х/Ф «ОТВЕТНЫЙ ХОД» 16+
14.00 Х/Ф «СЛУЧАЙ В КВАДРАТЕ 36-80» 16+
15.30, 16.15, 18.45 Т/С «БОМБА» 16+
03.30 Х/Ф «ЧИСТО АНГЛИЙСКОЕ УБИЙСТВО» 16+
ОТВ
5.00 СОБЫТИЯ 16+
5.45 ИЗВЕСТИЯ 16+
6.00 «ВСЕ ГОВОРЯТ ОБ ЭТОМ» 16+
7.00 Д/Ф «ПОЕДИНОК В ЛЕФОРТОВО. ШАХ И МАТ БУРБОНУ» 12+
8.00 СОБЫТИЯ 16+
8.45 ИЗВЕСТИЯ 16+
9.00 «ВСЕ ГОВОРЯТ ОБ ЭТОМ» 16+
10.00 ПАТРУЛЬНЫЙ УЧАСТОК. ИТОГИ 16+
10.30 О ЛИЧНОМ И НАЛИЧНОМ 12+
11.00 НОВОСТИ ТАУ 16+
12.00 СОБЫТИЯ 16+
12.45 ПАТРУЛЬНЫЙ УЧАСТОК 16+
13.00 Т/С «ПТИЧКА ПЕВЧАЯ» 12+
15.00 СОБЫТИЯ 16+
15.45 ХОККЕЙ. «АВАНГАРД» – «АВТОМОБИЛИСТ» 16+
18.30 ИЗВЕСТИЯ 16+
18.40 ПАТРУЛЬНЫЙ УЧАСТОК. ИНТЕРВЬЮ 16+
19.00 НОВОСТИ ТАУ. ИТОГИ 16+
20.00 Т/С «ЧЕРНАЯ ВДОВА» 12+
00.00 НОВОСТИ ТАУ. ИТОГИ 16+
01.00 Т/С «ПРИЗРАК В КРИВОМ ЗЕРКАЛЕ» 12+
5 Пятый
4.00 Т/С «УСЛОВНЫЙ МЕНТ – 4» 16+
8.20 Т/С «УСЛОВНЫЙ МЕНТ – 6» 16+
9.00 «СТРАНА СОВЕТОВ» 16+
9.30 «НОВАЯ» 12+
10.05 Т/С «УСЛОВНЫЙ МЕНТ – 6» 16+
11.15 Т/С «УСЛОВНЫЙ МЕНТ – 6» 16+
18.35 Т/С «УСЛОВНЫЙ МЕНТ – 6» 16+
20.25 Т/С «НАШ СПЕЦНАЗ» 16+
00.00 «ИЗВЕСТИЯ. ГЛАВНОЕ» 16+
01.05 «СВЕТСКАЯ ХРОНИКА» 16+
02.10 Т/С «ЗАКОН ТАЙГИ» 16+
